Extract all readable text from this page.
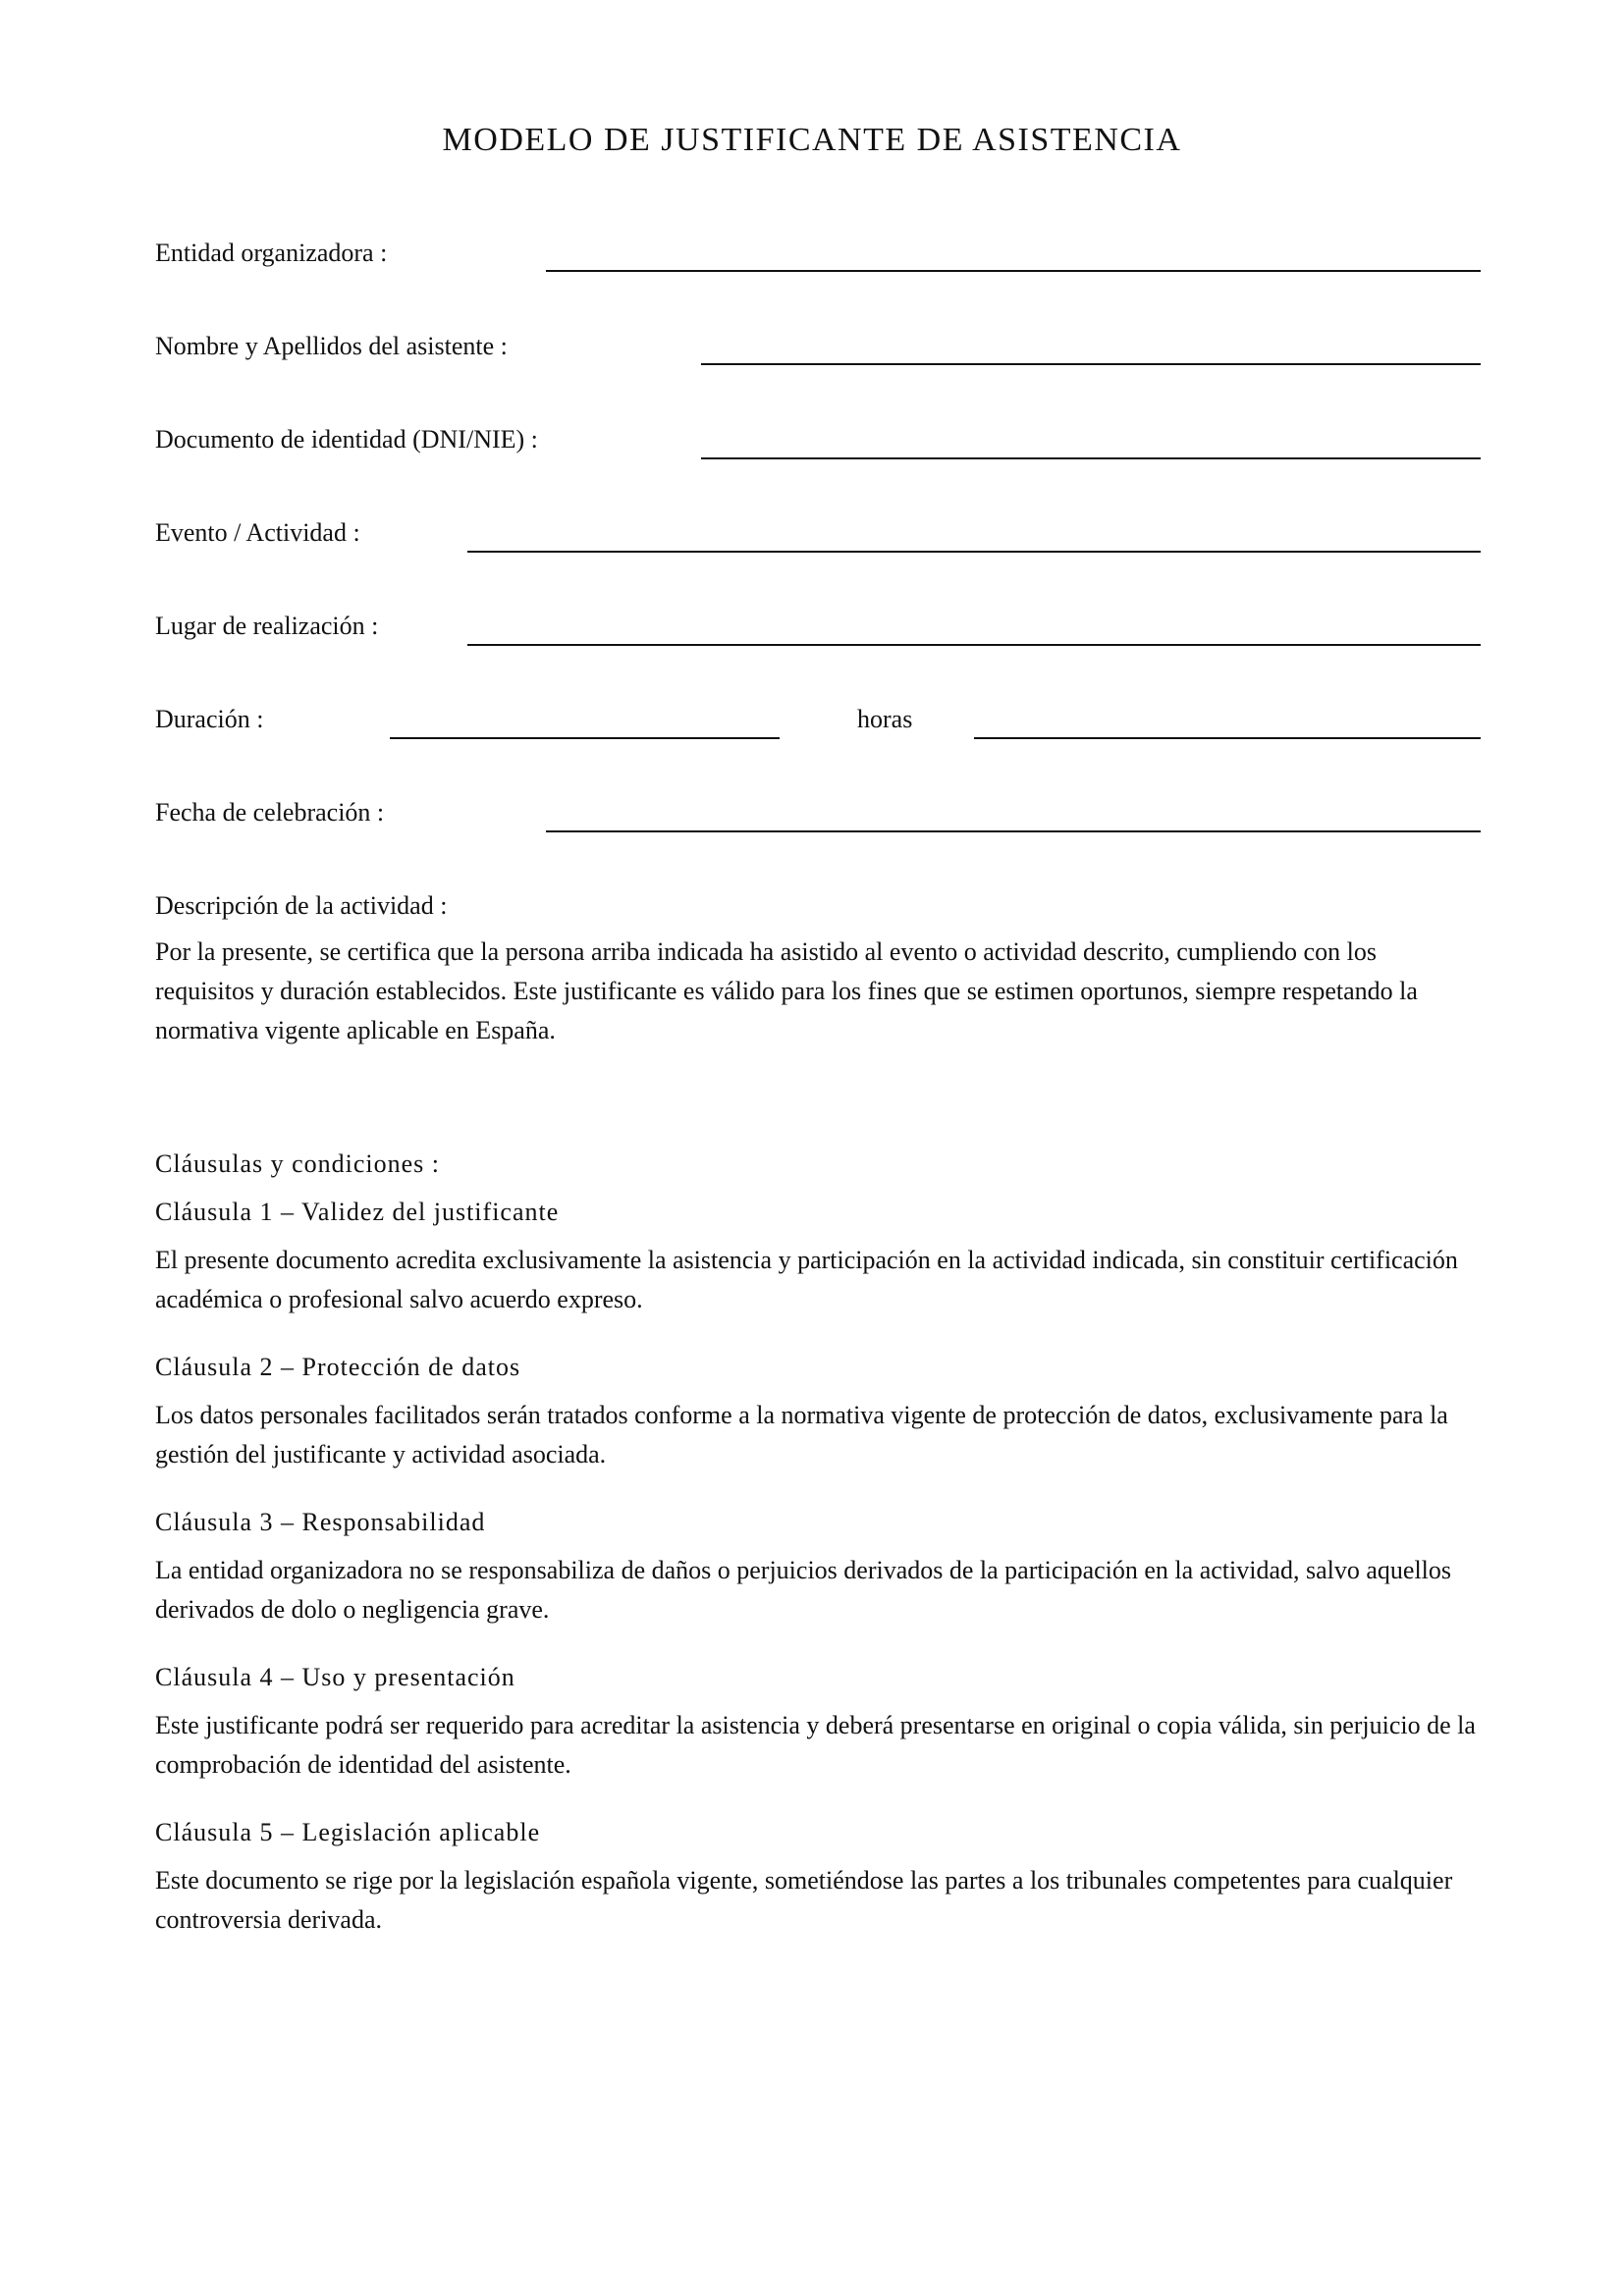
MODELO DE JUSTIFICANTE DE ASISTENCIA
Entidad organizadora :
Nombre y Apellidos del asistente :
Documento de identidad (DNI/NIE) :
Evento / Actividad :
Lugar de realización :
Duración :	horas
Fecha de celebración :
Descripción de la actividad :

Por la presente, se certifica que la persona arriba indicada ha asistido al evento o actividad descrito, cumpliendo con los requisitos y duración establecidos. Este justificante es válido para los fines que se estimen oportunos, siempre respetando la normativa vigente aplicable en España.

Cláusulas y condiciones :
Cláusula 1 – Validez del justificante

El presente documento acredita exclusivamente la asistencia y participación en la actividad indicada, sin constituir certificación académica o profesional salvo acuerdo expreso.

Cláusula 2 – Protección de datos

Los datos personales facilitados serán tratados conforme a la normativa vigente de protección de datos, exclusivamente para la gestión del justificante y actividad asociada.

Cláusula 3 – Responsabilidad

La entidad organizadora no se responsabiliza de daños o perjuicios derivados de la participación en la actividad, salvo aquellos derivados de dolo o negligencia grave.

Cláusula 4 – Uso y presentación

Este justificante podrá ser requerido para acreditar la asistencia y deberá presentarse en original o copia válida, sin perjuicio de la comprobación de identidad del asistente.

Cláusula 5 – Legislación aplicable

Este documento se rige por la legislación española vigente, sometiéndose las partes a los tribunales competentes para cualquier controversia derivada.
